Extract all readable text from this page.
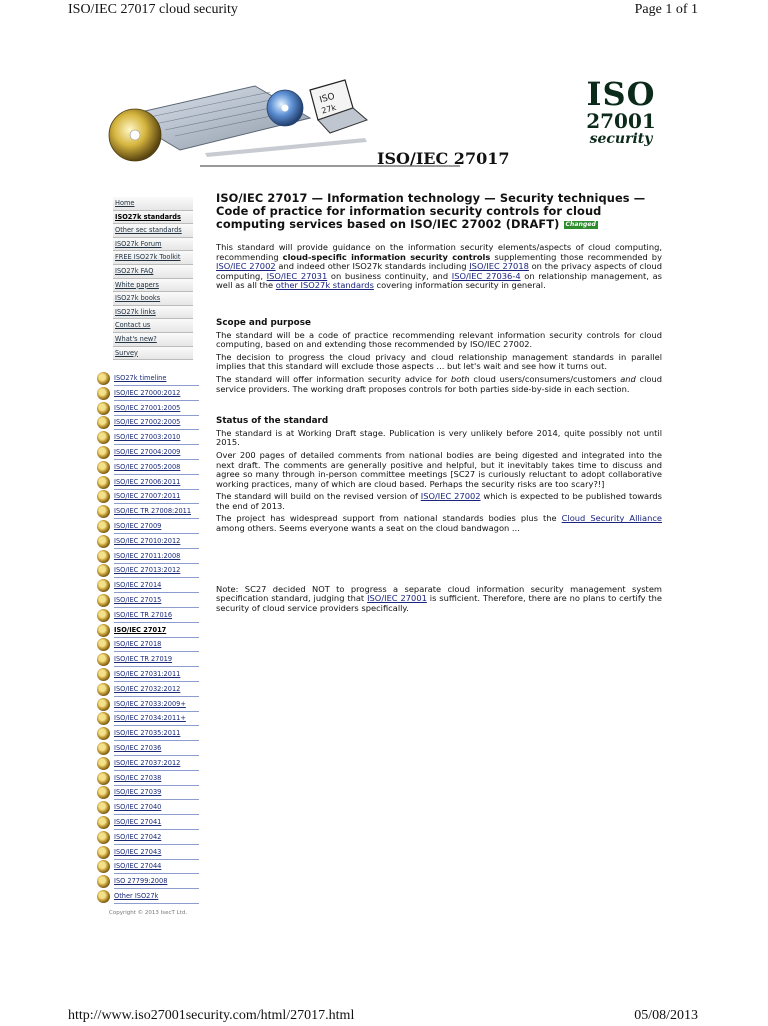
ISO/IEC 27017 cloud security	Page 1 of 1
ISO
27k	ISO
27001
security
ISO/IEC 27017
Home
ISO27k standards
Other sec standards
ISO27k Forum
FREE ISO27k Toolkit
ISO27k FAQ
White papers
ISO27k books
ISO27k links
Contact us
What's new?
Survey
ISO27k timeline
ISO/IEC 27000:2012
ISO/IEC 27001:2005
ISO/IEC 27002:2005
ISO/IEC 27003:2010
ISO/IEC 27004:2009
ISO/IEC 27005:2008
ISO/IEC 27006:2011
ISO/IEC 27007:2011
ISO/IEC TR 27008:2011
ISO/IEC 27009
ISO/IEC 27010:2012
ISO/IEC 27011:2008
ISO/IEC 27013:2012
ISO/IEC 27014
ISO/IEC 27015
ISO/IEC TR 27016
ISO/IEC 27017
ISO/IEC 27018
ISO/IEC TR 27019
ISO/IEC 27031:2011
ISO/IEC 27032:2012
ISO/IEC 27033:2009+
ISO/IEC 27034:2011+
ISO/IEC 27035:2011
ISO/IEC 27036
ISO/IEC 27037:2012
ISO/IEC 27038
ISO/IEC 27039
ISO/IEC 27040
ISO/IEC 27041
ISO/IEC 27042
ISO/IEC 27043
ISO/IEC 27044
ISO 27799:2008
Other ISO27k
Copyright © 2013 IsecT Ltd.
ISO/IEC 27017 — Information technology — Security techniques — Code of practice for information security controls for cloud computing services based on ISO/IEC 27002 (DRAFT) Changed

This standard will provide guidance on the information security elements/aspects of cloud computing, recommending cloud-specific information security controls supplementing those recommended by ISO/IEC 27002 and indeed other ISO27k standards including ISO/IEC 27018 on the privacy aspects of cloud computing, ISO/IEC 27031 on business continuity, and ISO/IEC 27036-4 on relationship management, as well as all the other ISO27k standards covering information security in general.

Scope and purpose

The standard will be a code of practice recommending relevant information security controls for cloud computing, based on and extending those recommended by ISO/IEC 27002.

The decision to progress the cloud privacy and cloud relationship management standards in parallel implies that this standard will exclude those aspects ... but let's wait and see how it turns out.

The standard will offer information security advice for both cloud users/consumers/customers and cloud service providers. The working draft proposes controls for both parties side-by-side in each section.

Status of the standard

The standard is at Working Draft stage. Publication is very unlikely before 2014, quite possibly not until 2015.

Over 200 pages of detailed comments from national bodies are being digested and integrated into the next draft. The comments are generally positive and helpful, but it inevitably takes time to discuss and agree so many through in-person committee meetings [SC27 is curiously reluctant to adopt collaborative working practices, many of which are cloud based. Perhaps the security risks are too scary?!]

The standard will build on the revised version of ISO/IEC 27002 which is expected to be published towards the end of 2013.

The project has widespread support from national standards bodies plus the Cloud Security Alliance among others. Seems everyone wants a seat on the cloud bandwagon ...

Note: SC27 decided NOT to progress a separate cloud information security management system specification standard, judging that ISO/IEC 27001 is sufficient. Therefore, there are no plans to certify the security of cloud service providers specifically.

http://www.iso27001security.com/html/27017.html	05/08/2013
